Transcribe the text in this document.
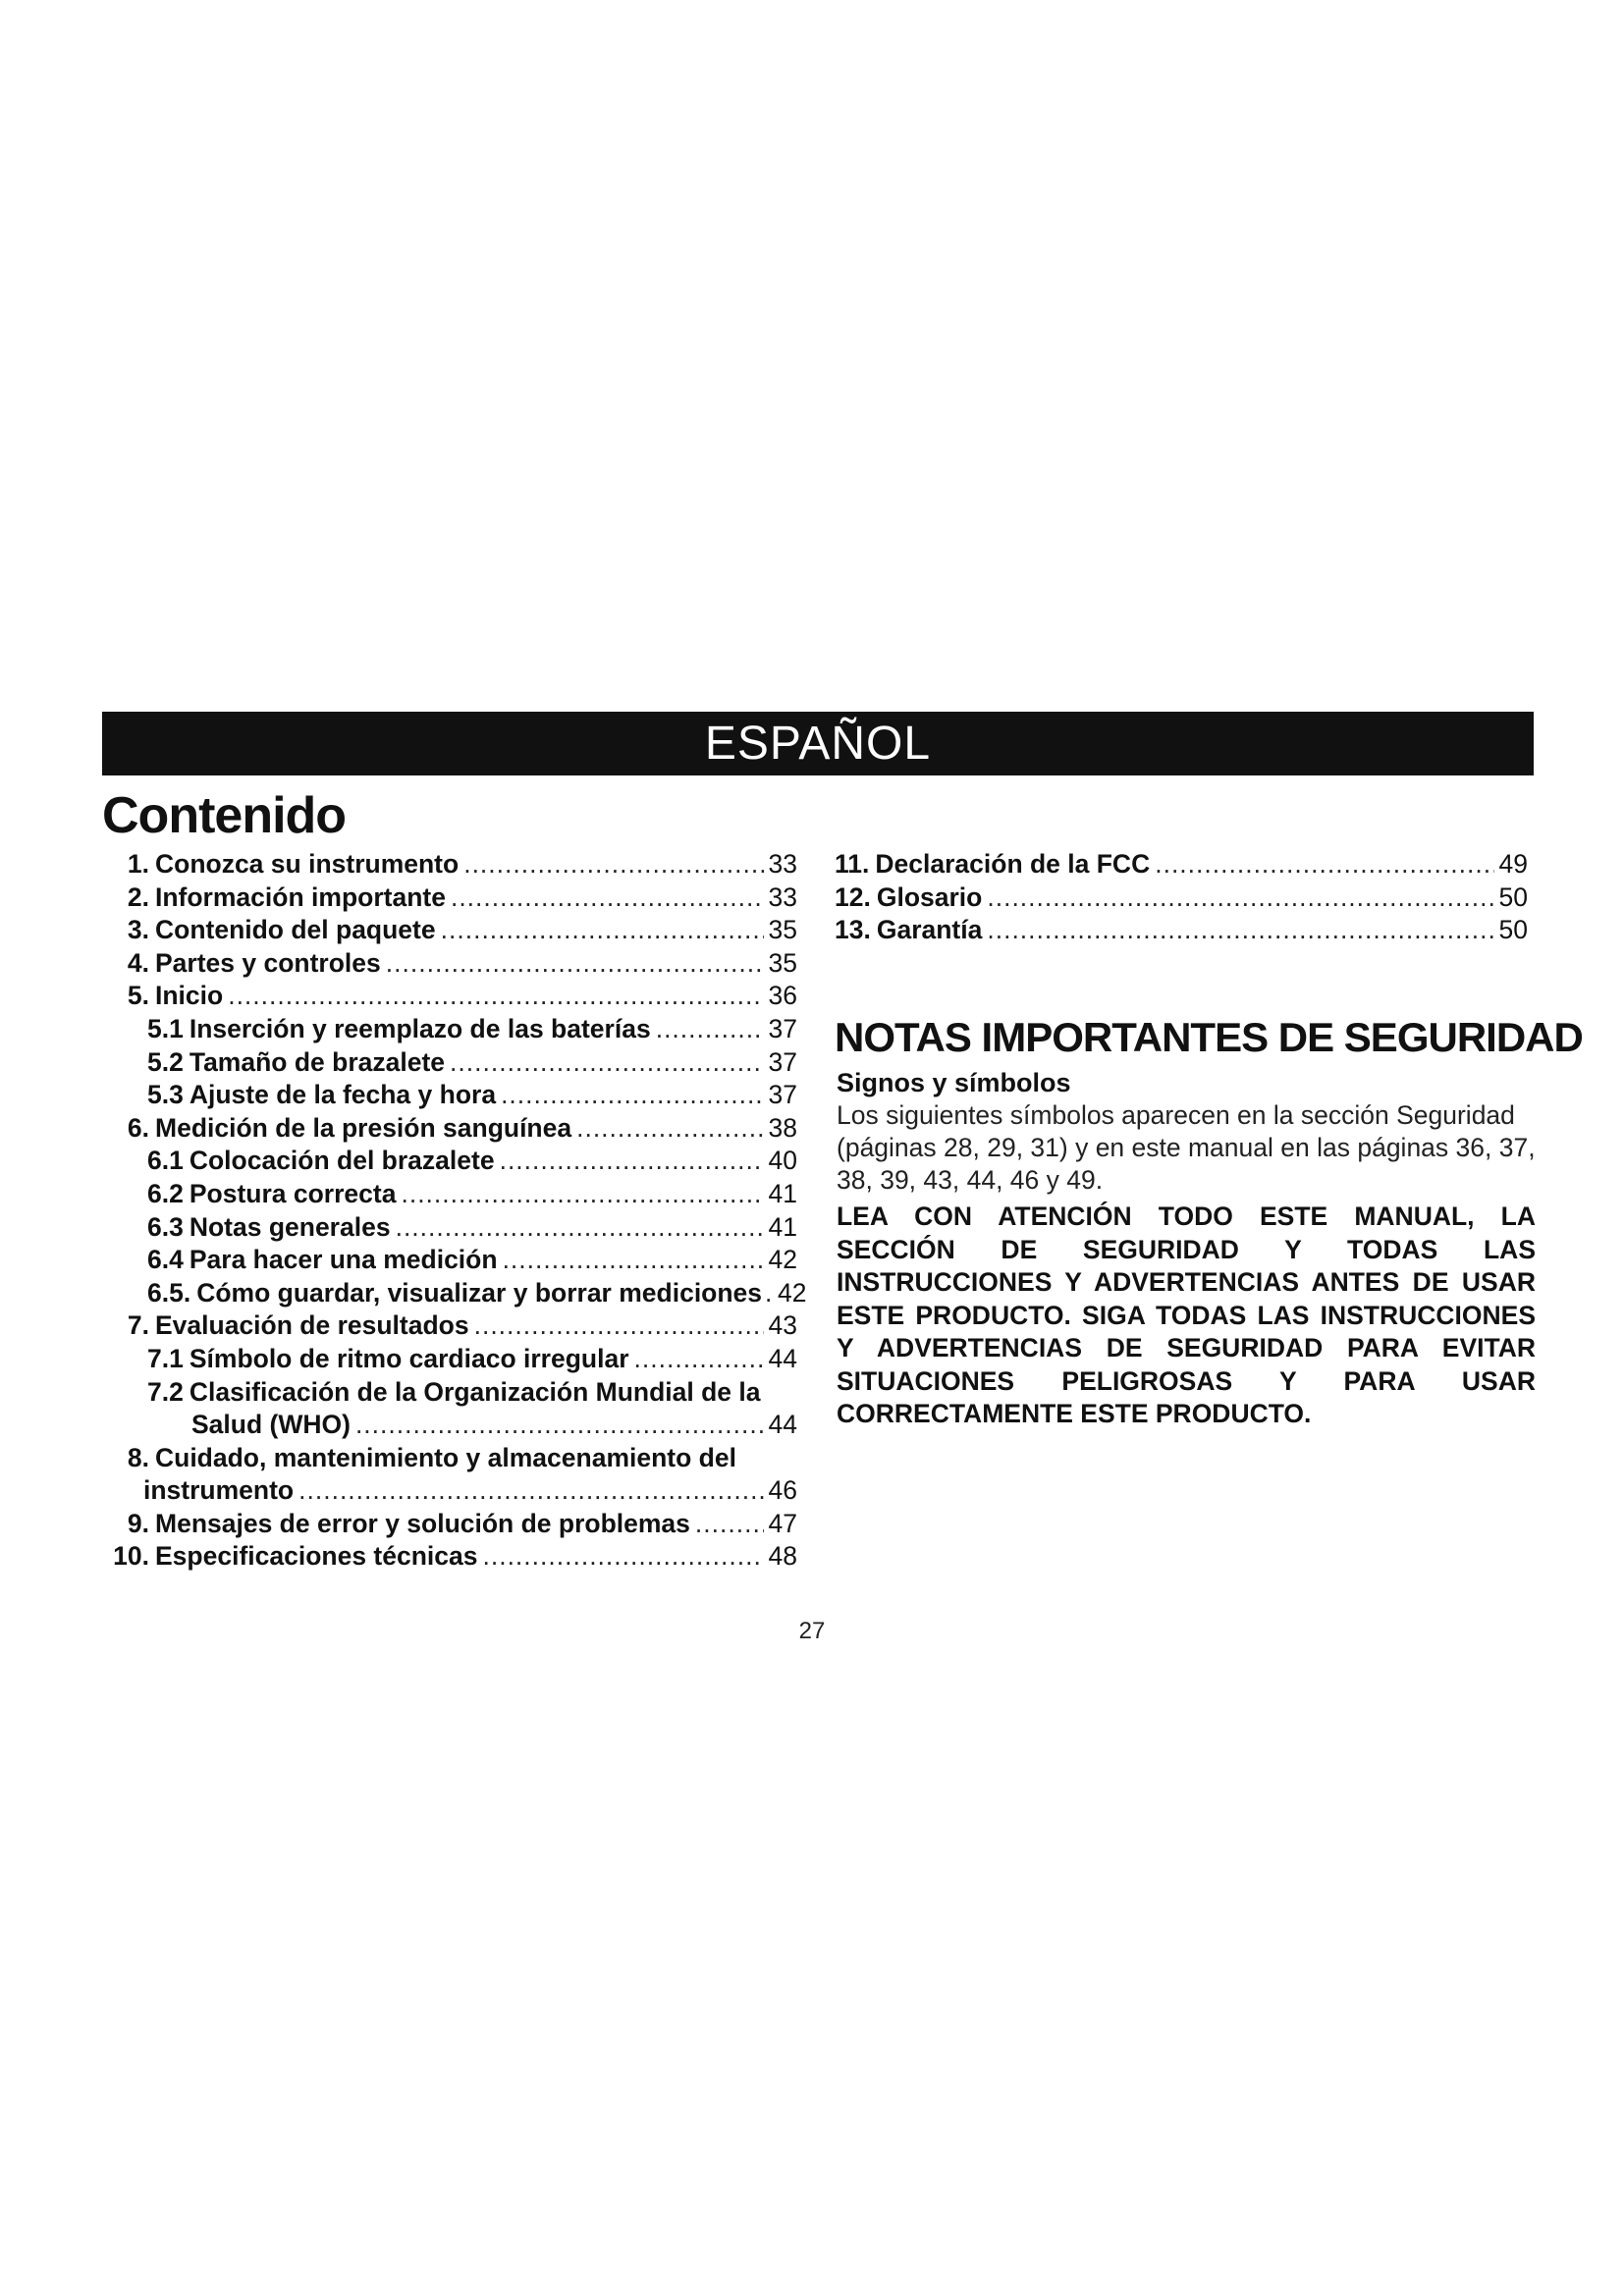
ESPAÑOL
Contenido
1. Conozca su instrumento .....	33
2. Información importante .....	33
3. Contenido del paquete .....	35
4. Partes y controles .....	35
5. Inicio .....	36
5.1 Inserción y reemplazo de las baterías .....	37
5.2 Tamaño de brazalete .....	37
5.3 Ajuste de la fecha y hora .....	37
6. Medición de la presión sanguínea .....	38
6.1 Colocación del brazalete .....	40
6.2 Postura correcta .....	41
6.3 Notas generales .....	41
6.4 Para hacer una medición .....	42
6.5. Cómo guardar, visualizar y borrar mediciones ..... 42
7. Evaluación de resultados .....	43
7.1 Símbolo de ritmo cardiaco irregular .....	44
7.2 Clasificación de la Organización Mundial de la
Salud (WHO) .....	44
8. Cuidado, mantenimiento y almacenamiento del
instrumento .....	46
9. Mensajes de error y solución de problemas .....	47
10. Especificaciones técnicas .....	48
11. Declaración de la FCC .....	49
12. Glosario .....	50
13. Garantía .....	50
NOTAS IMPORTANTES DE SEGURIDAD
Signos y símbolos

Los siguientes símbolos aparecen en la sección Seguridad (páginas 28, 29, 31) y en este manual en las páginas 36, 37, 38, 39, 43, 44, 46 y 49.

LEA CON ATENCIÓN TODO ESTE MANUAL, LA SECCIÓN DE SEGURIDAD Y TODAS LAS INSTRUCCIONES Y ADVERTENCIAS ANTES DE USAR ESTE PRODUCTO. SIGA TODAS LAS INSTRUCCIONES Y ADVERTENCIAS DE SEGURIDAD PARA EVITAR SITUACIONES PELIGROSAS Y PARA USAR CORRECTAMENTE ESTE PRODUCTO.

27
